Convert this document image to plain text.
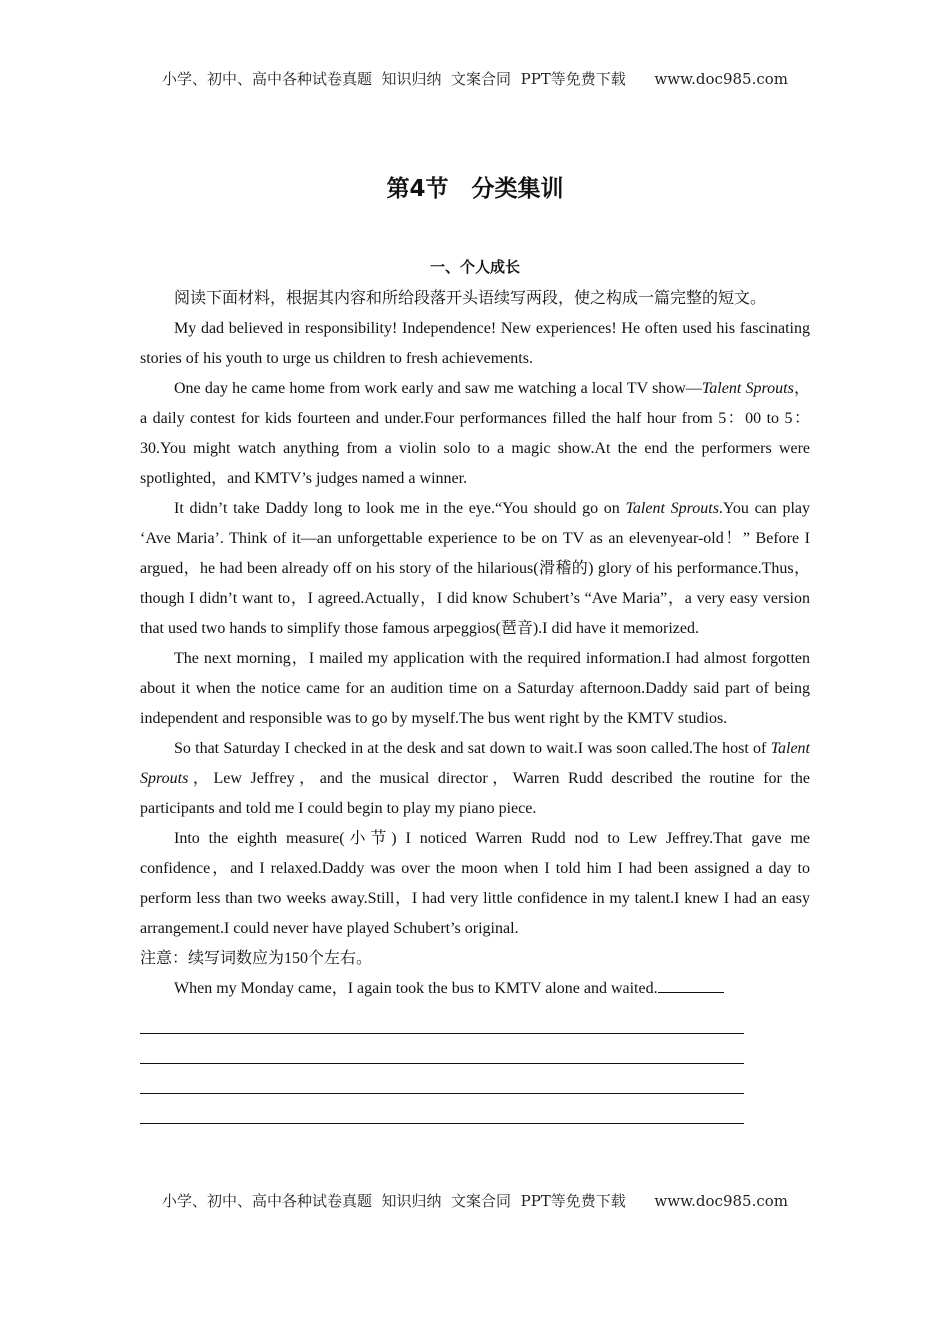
小学、初中、高中各种试卷真题  知识归纳  文案合同  PPT等免费下载 www.doc985.com
第4节　分类集训
一、个人成长

阅读下面材料，根据其内容和所给段落开头语续写两段，使之构成一篇完整的短文。

My dad believed in responsibility! Independence! New experiences! He often used his fascinating stories of his youth to urge us children to fresh achievements.

One day he came home from work early and saw me watching a local TV show—Talent Sprouts，a daily contest for kids fourteen and under.Four performances filled the half hour from 5：00 to 5：30.You might watch anything from a violin solo to a magic show.At the end the performers were spotlighted，and KMTV’s judges named a winner.

It didn’t take Daddy long to look me in the eye.“You should go on Talent Sprouts.You can play ‘Ave Maria’. Think of it—an unforgettable experience to be on TV as an elevenyear-old！” Before I argued，he had been already off on his story of the hilarious(滑稽的) glory of his performance.Thus，though I didn’t want to，I agreed.Actually，I did know Schubert’s “Ave Maria”，a very easy version that used two hands to simplify those famous arpeggios(琶音).I did have it memorized.

The next morning，I mailed my application with the required information.I had almost forgotten about it when the notice came for an audition time on a Saturday afternoon.Daddy said part of being independent and responsible was to go by myself.The bus went right by the KMTV studios.

So that Saturday I checked in at the desk and sat down to wait.I was soon called.The host of Talent Sprouts，Lew Jeffrey，and the musical director，Warren Rudd described the routine for the participants and told me I could begin to play my piano piece.

Into the eighth measure(小节) I noticed Warren Rudd nod to Lew Jeffrey.That gave me confidence，and I relaxed.Daddy was over the moon when I told him I had been assigned a day to perform less than two weeks away.Still，I had very little confidence in my talent.I knew I had an easy arrangement.I could never have played Schubert’s original.

注意：续写词数应为150个左右。

When my Monday came，I again took the bus to KMTV alone and waited.

小学、初中、高中各种试卷真题  知识归纳  文案合同  PPT等免费下载 www.doc985.com
